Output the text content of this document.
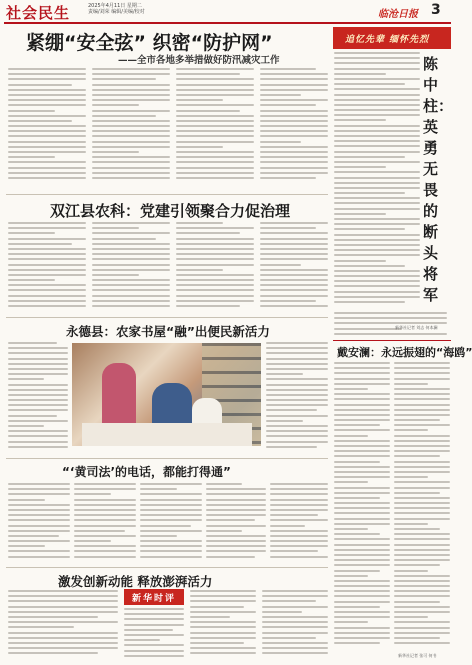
社会民生	2025年4月11日 星期二
责编/刘荣 编辑/美编/校对	临沧日报 3
紧绷“安全弦” 织密“防护网”
——全市各地多举措做好防汛减灾工作
追忆先辈 缅怀先烈
陈中柱：英勇无畏的断头将军
新华社记者 刘志 何本澜
双江县农科：党建引领聚合力促治理
永德县：农家书屋“融”出便民新活力
戴安澜：永远振翅的“海鸥”
新华社记者 张可 何书
“‘黄司法’的电话，都能打得通”
激发创新动能 释放澎湃活力
新华时评
